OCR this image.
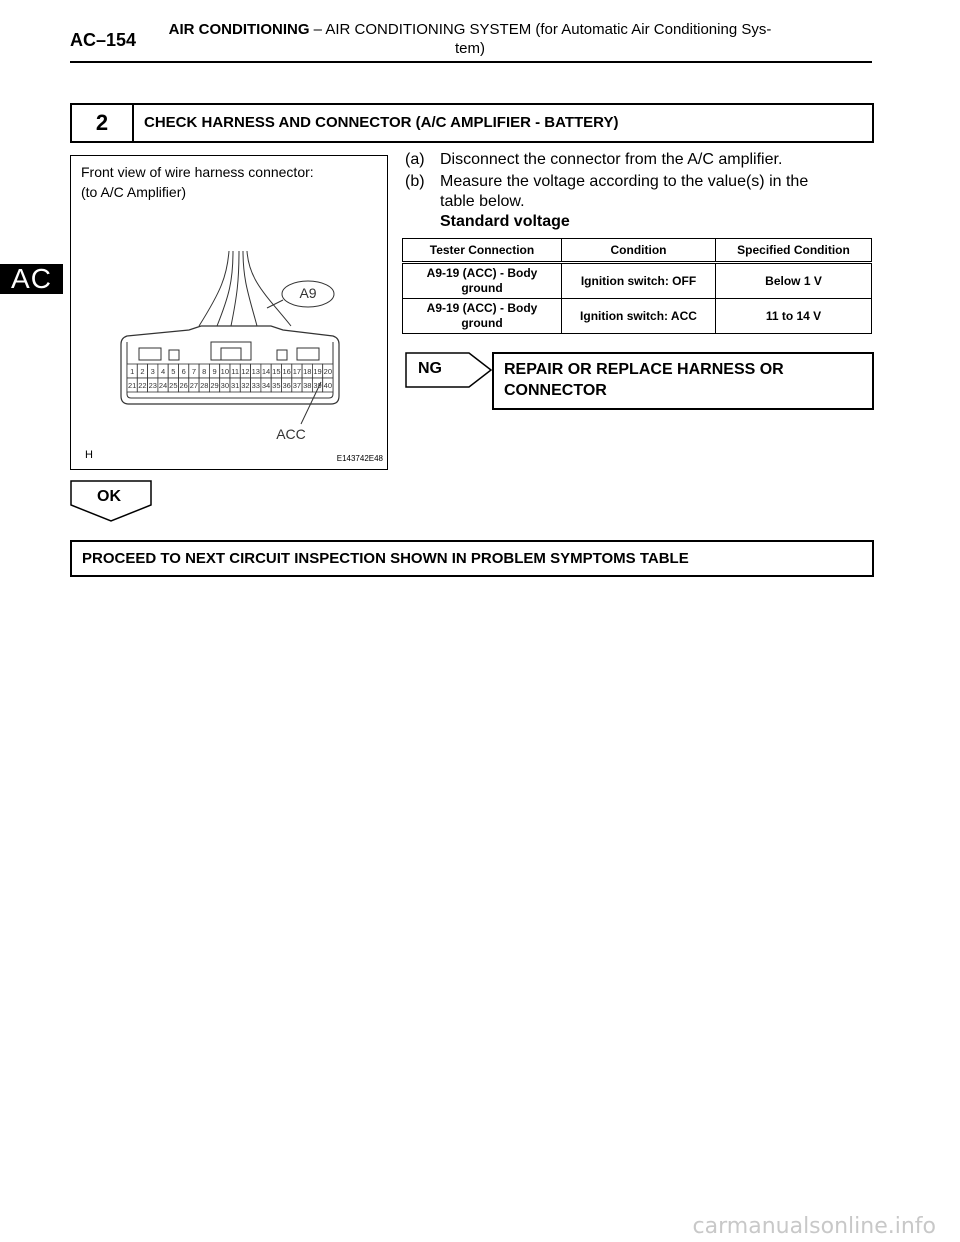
AC–154
AIR CONDITIONING – AIR CONDITIONING SYSTEM (for Automatic Air Conditioning Sys-
tem)
AC
2	CHECK HARNESS AND CONNECTOR (A/C AMPLIFIER - BATTERY)
1 2 3 4 5 6 7 8 9 10 11 12 13 14 15 16 17 18 19 20
21 22 23 24 25 26 27 28 29 30 31 32 33 34 35 36 37 38 39 40
A9
ACC
Front view of wire harness connector:
(to A/C Amplifier)
H	E143742E48
(a) Disconnect the connector from the A/C amplifier.
(b) Measure the voltage according to the value(s) in the
table below.
Standard voltage
Tester Connection	Condition	Specified Condition
A9-19 (ACC) - Body
ground	Ignition switch: OFF	Below 1 V
A9-19 (ACC) - Body
ground	Ignition switch: ACC	11 to 14 V
NG	REPAIR OR REPLACE HARNESS OR
CONNECTOR
OK
PROCEED TO NEXT CIRCUIT INSPECTION SHOWN IN PROBLEM SYMPTOMS TABLE
carmanualsonline.info
